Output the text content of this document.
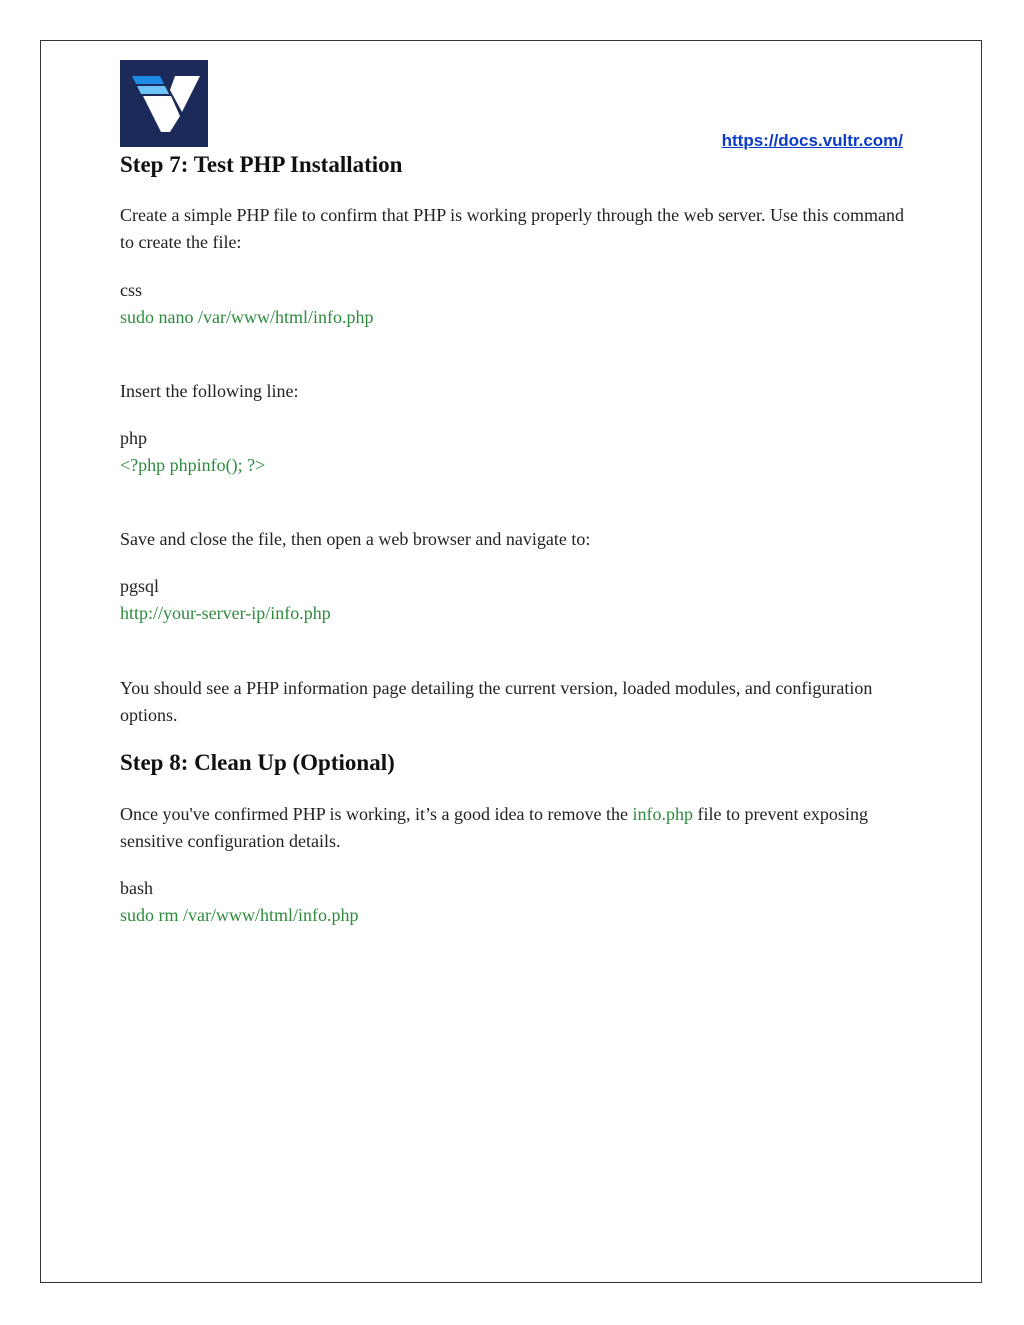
https://docs.vultr.com/
Step 7: Test PHP Installation

Create a simple PHP file to confirm that PHP is working properly through the web server. Use this command to create the file:

css

sudo nano /var/www/html/info.php

Insert the following line:

php

<?php phpinfo(); ?>

Save and close the file, then open a web browser and navigate to:

pgsql

http://your-server-ip/info.php

You should see a PHP information page detailing the current version, loaded modules, and configuration options.

Step 8: Clean Up (Optional)

Once you've confirmed PHP is working, it’s a good idea to remove the info.php file to prevent exposing sensitive configuration details.

bash

sudo rm /var/www/html/info.php
